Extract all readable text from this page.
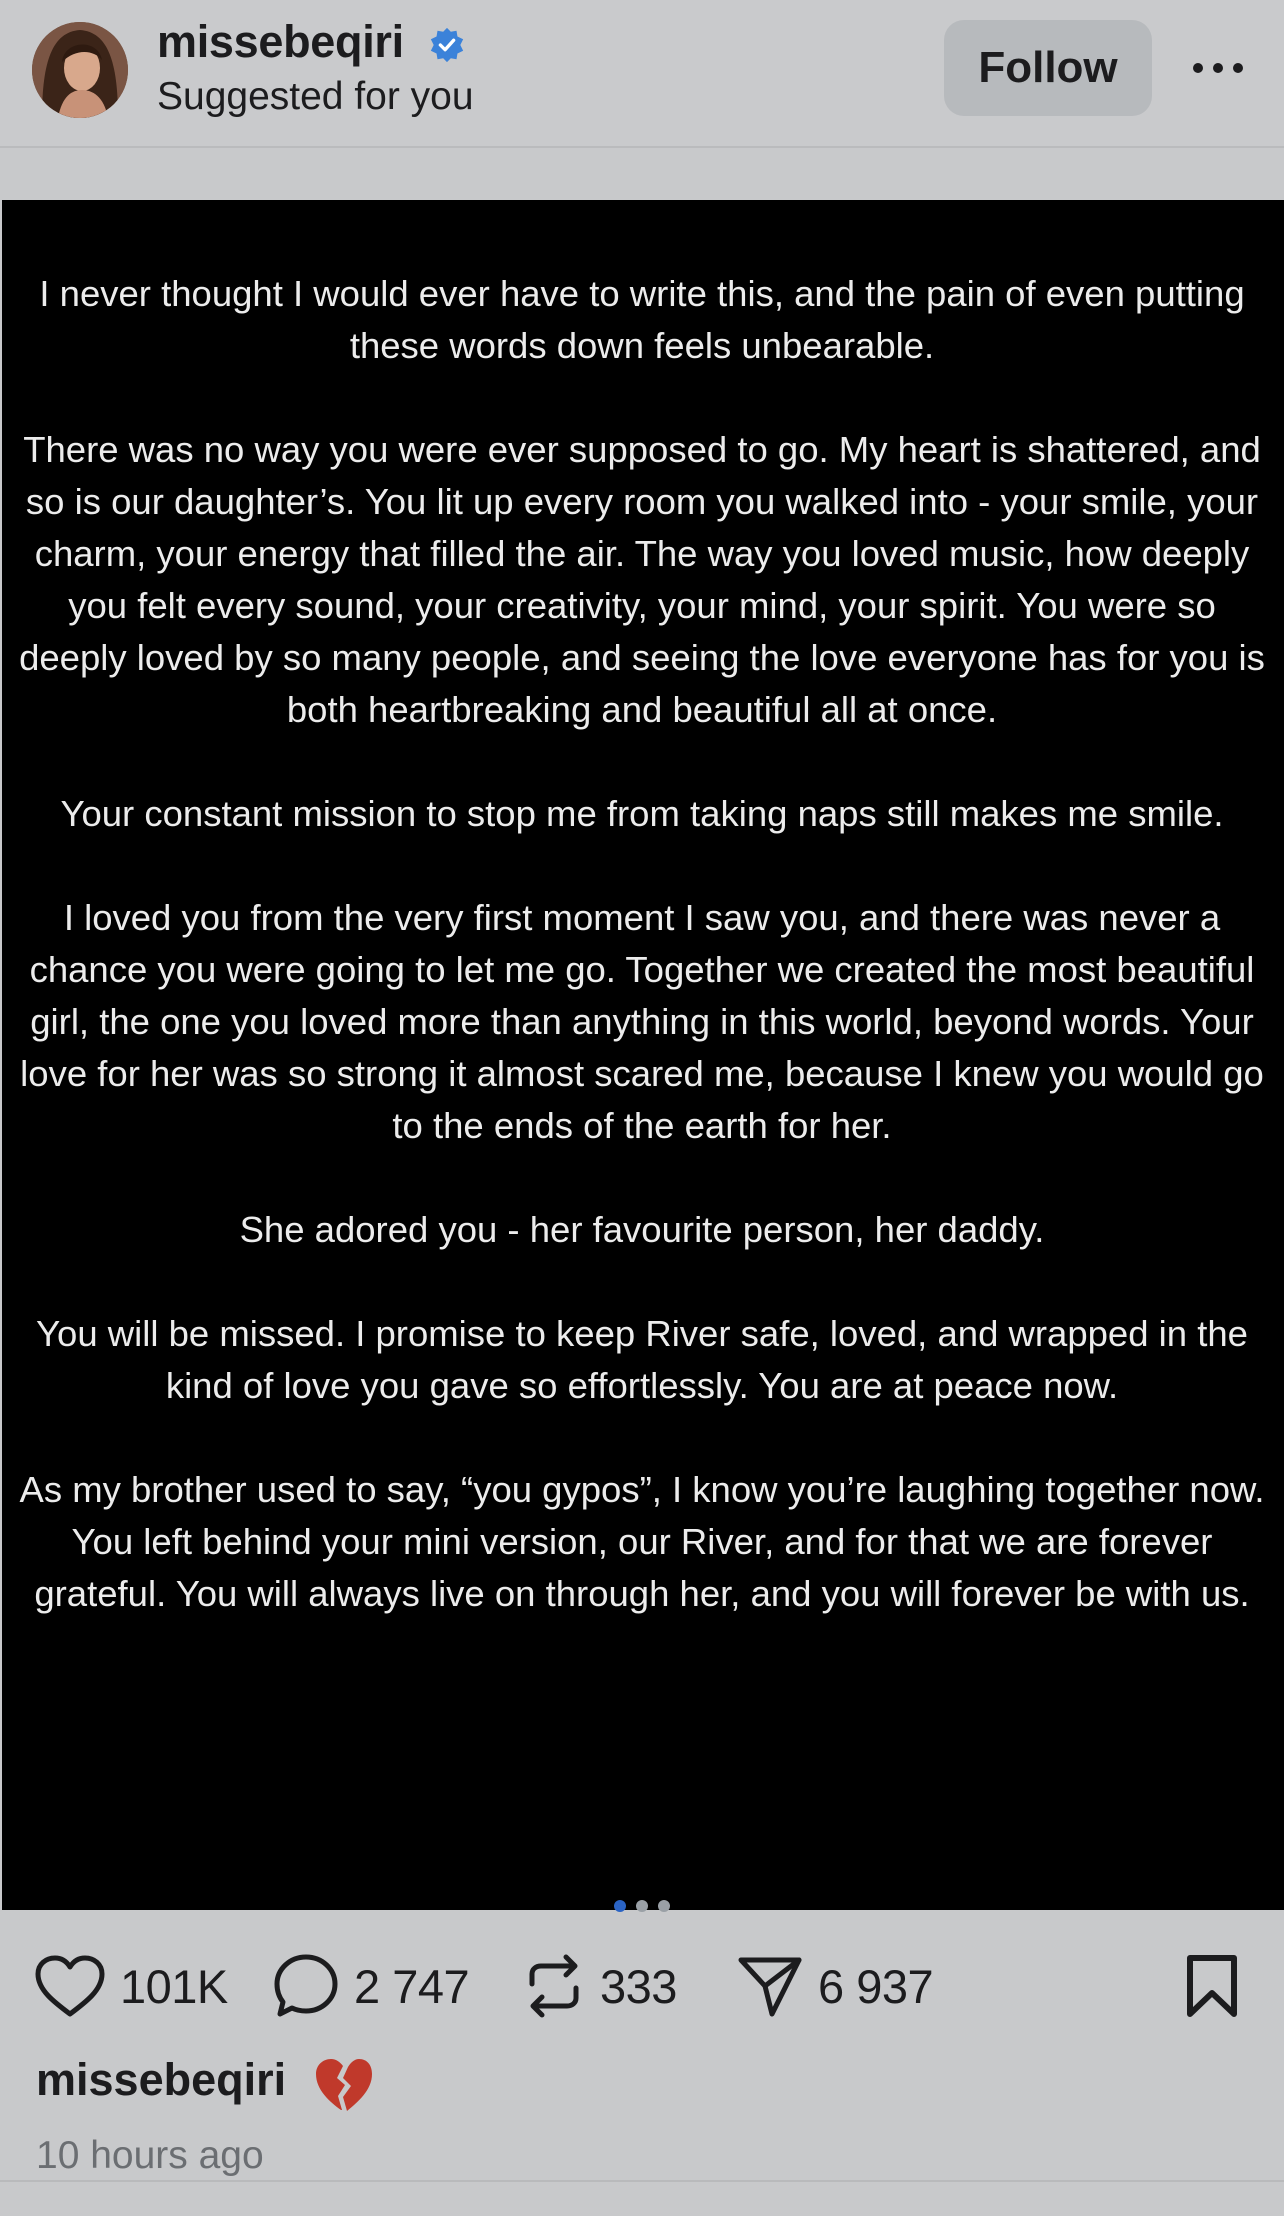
missebeqiri
Suggested for you
Follow

I never thought I would ever have to write this, and the pain of even putting these words down feels unbearable.

There was no way you were ever supposed to go. My heart is shattered, and so is our daughter’s. You lit up every room you walked into - your smile, your charm, your energy that filled the air. The way you loved music, how deeply you felt every sound, your creativity, your mind, your spirit. You were so deeply loved by so many people, and seeing the love everyone has for you is both heartbreaking and beautiful all at once.

Your constant mission to stop me from taking naps still makes me smile.

I loved you from the very first moment I saw you, and there was never a chance you were going to let me go. Together we created the most beautiful girl, the one you loved more than anything in this world, beyond words. Your love for her was so strong it almost scared me, because I knew you would go to the ends of the earth for her.

She adored you - her favourite person, her daddy.

You will be missed. I promise to keep River safe, loved, and wrapped in the kind of love you gave so effortlessly. You are at peace now.

As my brother used to say, “you gypos”, I know you’re laughing together now. You left behind your mini version, our River, and for that we are forever grateful. You will always live on through her, and you will forever be with us.

101K	2 747	333	6 937
missebeqiri
10 hours ago
